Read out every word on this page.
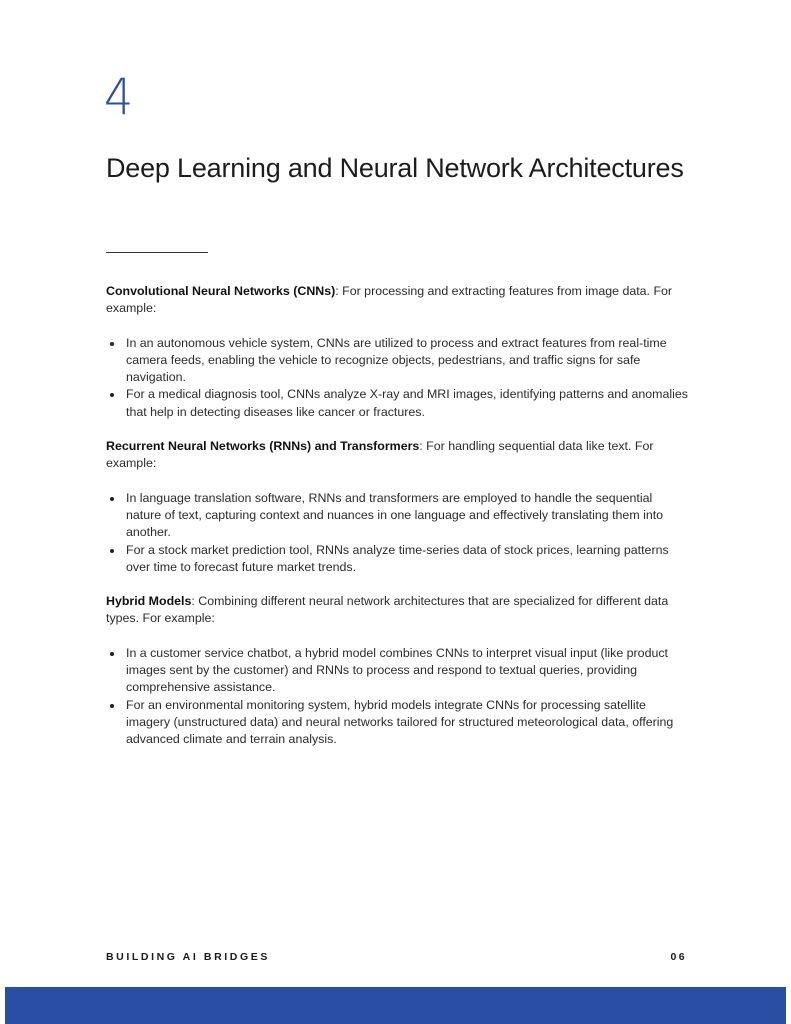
4
Deep Learning and Neural Network Architectures

Convolutional Neural Networks (CNNs): For processing and extracting features from image data. For example:

In an autonomous vehicle system, CNNs are utilized to process and extract features from real-time camera feeds, enabling the vehicle to recognize objects, pedestrians, and traffic signs for safe navigation.
For a medical diagnosis tool, CNNs analyze X-ray and MRI images, identifying patterns and anomalies that help in detecting diseases like cancer or fractures.

Recurrent Neural Networks (RNNs) and Transformers: For handling sequential data like text. For example:

In language translation software, RNNs and transformers are employed to handle the sequential nature of text, capturing context and nuances in one language and effectively translating them into another.
For a stock market prediction tool, RNNs analyze time-series data of stock prices, learning patterns over time to forecast future market trends.

Hybrid Models: Combining different neural network architectures that are specialized for different data types. For example:

In a customer service chatbot, a hybrid model combines CNNs to interpret visual input (like product images sent by the customer) and RNNs to process and respond to textual queries, providing comprehensive assistance.
For an environmental monitoring system, hybrid models integrate CNNs for processing satellite imagery (unstructured data) and neural networks tailored for structured meteorological data, offering advanced climate and terrain analysis.
BUILDING AI BRIDGES	06
